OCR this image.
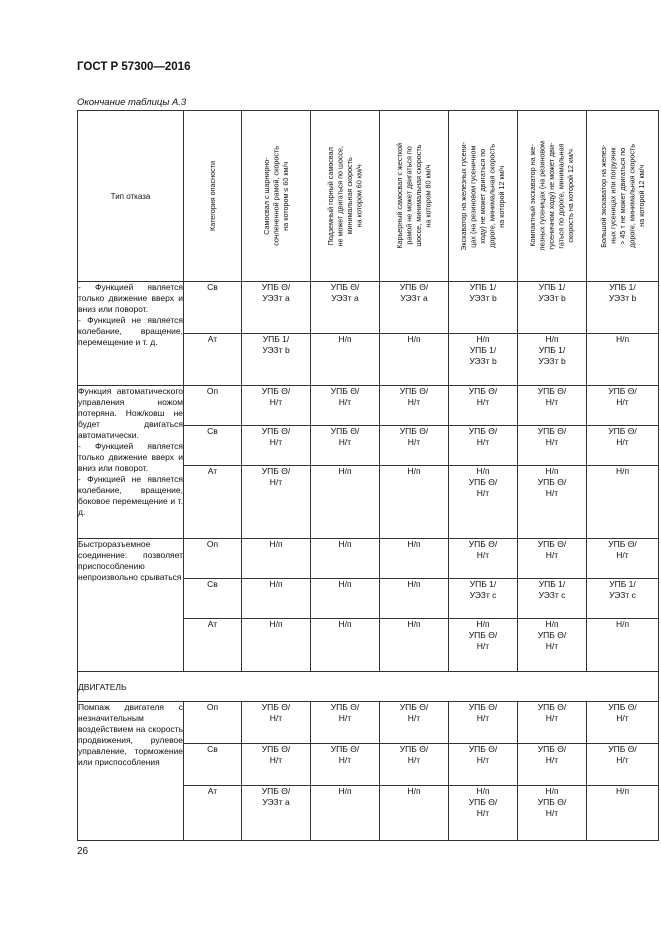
ГОСТ Р 57300—2016
Окончание таблицы А.3
Тип отказа	Категория опасности	Самосвал с шарнирно-
сочлененной рамой, скорость
на котором ≤ 60 км/ч	Подземный горный самосвал
не может двигаться по шоссе,
минимальная скорость
на котором 60 км/ч	Карьерный самосвал с жесткой
рамой не может двигаться по
шоссе, минимальная скорость
на котором 80 км/ч	Экскаватор на железных гусени-
цах (на резиновом гусеничном
ходу) не может двигаться по
дороге, минимальная скорость
на которой 12 км/ч	Компактный экскаватор на же-
лезных гусеницах (на резиновом
гусеничном ходу) не может дви-
гаться по дороге, минимальная
скорость на которой 12 км/ч	Большой экскаватор на желез-
ных гусеницах или погрузчик
> 45 т не может двигаться по
дороге, минимальная скорость
на которой 12 км/ч

- Функцией является только движение вверх и вниз или поворот.
- Функцией не является колебание, вращение, перемещение и т. д.	Св	УПБ Θ/
УЭЗт a	УПБ Θ/
УЭЗт a	УПБ Θ/
УЭЗт a	УПБ 1/
УЭЗт b	УПБ 1/
УЭЗт b	УПБ 1/
УЭЗт b

	Ат	УПБ 1/
УЭЗт b	Н/п	Н/п	Н/п
УПБ 1/
УЭЗт b	Н/п
УПБ 1/
УЭЗт b	Н/п

Функция автоматического управления ножом потеряна. Нож/ковш не будет двигаться автоматически.
- Функцией является только движение вверх и вниз или поворот.
- Функцией не является колебание, вращение, боковое перемещение и т. д.	Оп	УПБ Θ/
Н/т	УПБ Θ/
Н/т	УПБ Θ/
Н/т	УПБ Θ/
Н/т	УПБ Θ/
Н/т	УПБ Θ/
Н/т

	Св	УПБ Θ/
Н/т	УПБ Θ/
Н/т	УПБ Θ/
Н/т	УПБ Θ/
Н/т	УПБ Θ/
Н/т	УПБ Θ/
Н/т

	Ат	УПБ Θ/
Н/т	Н/п	Н/п	Н/п
УПБ Θ/
Н/т	Н/п
УПБ Θ/
Н/т	Н/п

Быстроразъемное соединение: позволяет приспособлению непроизвольно срываться	Оп	Н/п	Н/п	Н/п	УПБ Θ/
Н/т	УПБ Θ/
Н/т	УПБ Θ/
Н/т

	Св	Н/п	Н/п	Н/п	УПБ 1/
УЭЗт c	УПБ 1/
УЭЗт c	УПБ 1/
УЭЗт c

	Ат	Н/п	Н/п	Н/п	Н/п
УПБ Θ/
Н/т	Н/п
УПБ Θ/
Н/т	Н/п

ДВИГАТЕЛЬ							

Помпаж двигателя с незначительным воздействием на скорость продвижения, рулевое управление, торможение или приспособления	Оп	УПБ Θ/
Н/т	УПБ Θ/
Н/т	УПБ Θ/
Н/т	УПБ Θ/
Н/т	УПБ Θ/
Н/т	УПБ Θ/
Н/т

	Св	УПБ Θ/
Н/т	УПБ Θ/
Н/т	УПБ Θ/
Н/т	УПБ Θ/
Н/т	УПБ Θ/
Н/т	УПБ Θ/
Н/т

	Ат	УПБ Θ/
УЭЗт a	Н/п	Н/п	Н/п
УПБ Θ/
Н/т	Н/п
УПБ Θ/
Н/т	Н/п
26
